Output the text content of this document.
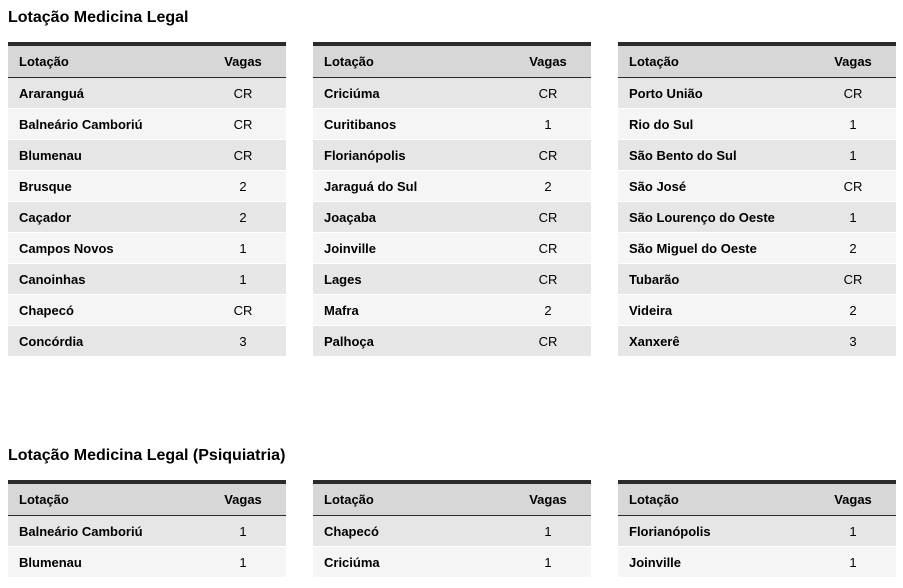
Lotação Medicina Legal
Lotação	Vagas
Araranguá	CR
Balneário Camboriú	CR
Blumenau	CR
Brusque	2
Caçador	2
Campos Novos	1
Canoinhas	1
Chapecó	CR
Concórdia	3
Lotação	Vagas
Criciúma	CR
Curitibanos	1
Florianópolis	CR
Jaraguá do Sul	2
Joaçaba	CR
Joinville	CR
Lages	CR
Mafra	2
Palhoça	CR
Lotação	Vagas
Porto União	CR
Rio do Sul	1
São Bento do Sul	1
São José	CR
São Lourenço do Oeste	1
São Miguel do Oeste	2
Tubarão	CR
Videira	2
Xanxerê	3
Lotação Medicina Legal (Psiquiatria)
Lotação	Vagas
Balneário Camboriú	1
Blumenau	1
Lotação	Vagas
Chapecó	1
Criciúma	1
Lotação	Vagas
Florianópolis	1
Joinville	1
